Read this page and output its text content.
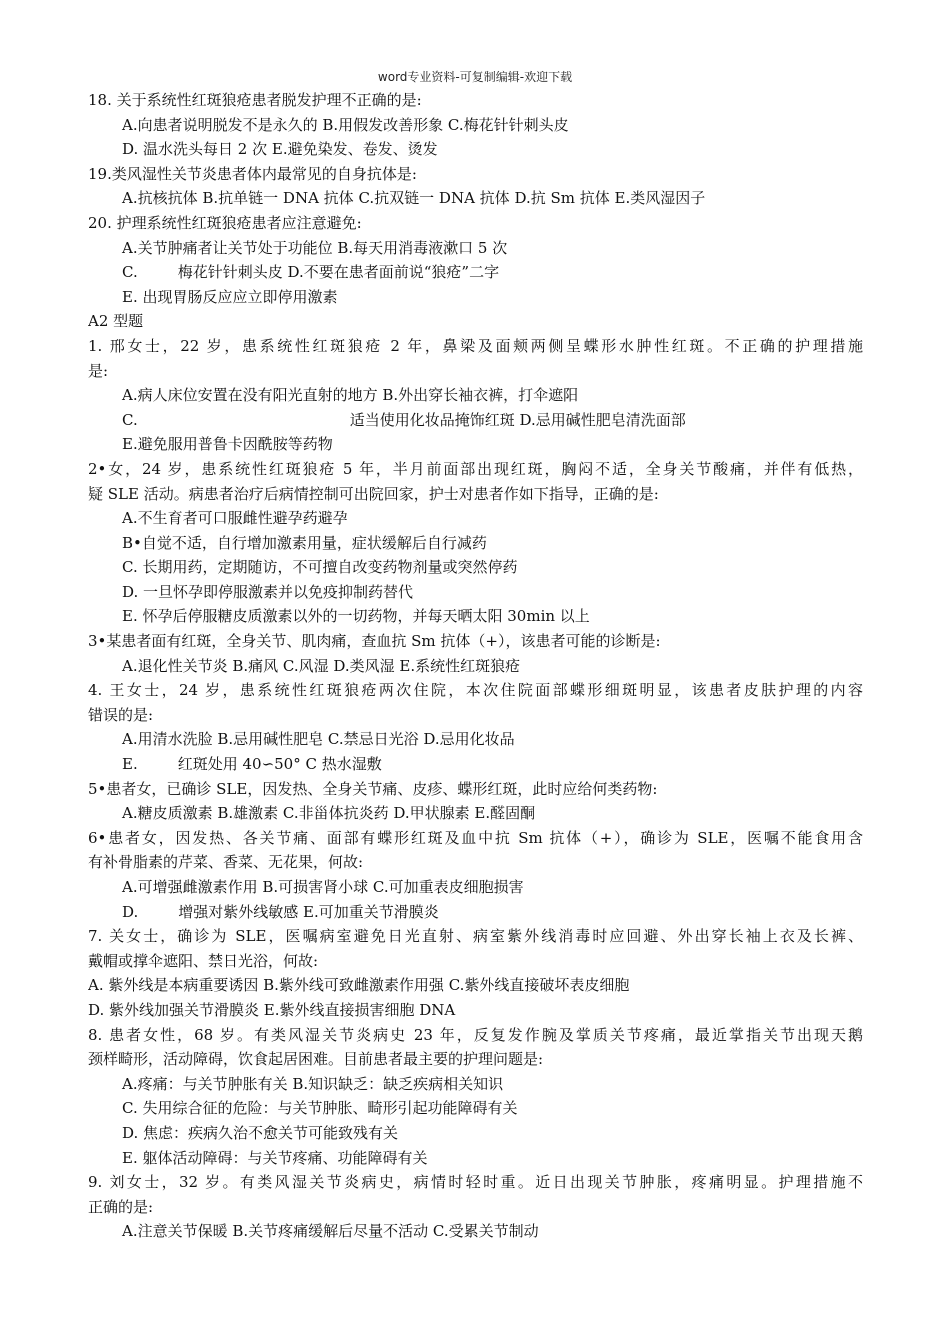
word专业资料-可复制编辑-欢迎下载
18. 关于系统性红斑狼疮患者脱发护理不正确的是:
A.向患者说明脱发不是永久的 B.用假发改善形象 C.梅花针针刺头皮
D. 温水洗头每日 2 次 E.避免染发、卷发、烫发
19.类风湿性关节炎患者体内最常见的自身抗体是:
A.抗核抗体 B.抗单链一 DNA 抗体 C.抗双链一 DNA 抗体 D.抗 Sm 抗体 E.类风湿因子
20. 护理系统性红斑狼疮患者应注意避免:
A.关节肿痛者让关节处于功能位 B.每天用消毒液漱口 5 次
C.	梅花针针刺头皮 D.不要在患者面前说“狼疮”二字
E. 出现胃肠反应应立即停用激素
A2 型题
1. 邢女士，22 岁，患系统性红斑狼疮 2 年，鼻梁及面颊两侧呈蝶形水肿性红斑。不正确的护理措施
是:
A.病人床位安置在没有阳光直射的地方 B.外出穿长袖衣裤，打伞遮阳
C.	适当使用化妆品掩饰红斑 D.忌用碱性肥皂清洗面部
E.避免服用普鲁卡因酰胺等药物
2•女，24 岁，患系统性红斑狼疮 5 年，半月前面部出现红斑，胸闷不适，全身关节酸痛，并伴有低热，
疑 SLE 活动。病患者治疗后病情控制可出院回家，护士对患者作如下指导，正确的是:
A.不生育者可口服雌性避孕药避孕
B•自觉不适，自行增加激素用量，症状缓解后自行减药
C. 长期用药，定期随访，不可擅自改变药物剂量或突然停药
D. 一旦怀孕即停服激素并以免疫抑制药替代
E. 怀孕后停服糖皮质激素以外的一切药物，并每天晒太阳 30min 以上
3•某患者面有红斑，全身关节、肌肉痛，查血抗 Sm 抗体（+），该患者可能的诊断是:
A.退化性关节炎 B.痛风 C.风湿 D.类风湿 E.系统性红斑狼疮
4. 王女士，24 岁，患系统性红斑狼疮两次住院，本次住院面部蝶形细斑明显，该患者皮肤护理的内容
错误的是:
A.用清水洗脸 B.忌用碱性肥皂 C.禁忌日光浴 D.忌用化妆品
E.	红斑处用 40∽50° C 热水湿敷
5•患者女，已确诊 SLE，因发热、全身关节痛、皮疹、蝶形红斑，此时应给何类药物:
A.糖皮质激素 B.雄激素 C.非甾体抗炎药 D.甲状腺素 E.醛固酮
6•患者女，因发热、各关节痛、面部有蝶形红斑及血中抗 Sm 抗体（+），确诊为 SLE，医嘱不能食用含
有补骨脂素的芹菜、香菜、无花果，何故:
A.可增强雌激素作用 B.可损害肾小球 C.可加重表皮细胞损害
D.	增强对紫外线敏感 E.可加重关节滑膜炎
7. 关女士，确诊为 SLE，医嘱病室避免日光直射、病室紫外线消毒时应回避、外出穿长袖上衣及长裤、
戴帽或撑伞遮阳、禁日光浴，何故:
A. 紫外线是本病重要诱因 B.紫外线可致雌激素作用强 C.紫外线直接破坏表皮细胞
D. 紫外线加强关节滑膜炎 E.紫外线直接损害细胞 DNA
8. 患者女性，68 岁。有类风湿关节炎病史 23 年，反复发作腕及掌质关节疼痛，最近掌指关节出现天鹅
颈样畸形，活动障碍，饮食起居困难。目前患者最主要的护理问题是:
A.疼痛：与关节肿胀有关 B.知识缺乏：缺乏疾病相关知识
C. 失用综合征的危险：与关节肿胀、畸形引起功能障碍有关
D. 焦虑：疾病久治不愈关节可能致残有关
E. 躯体活动障碍：与关节疼痛、功能障碍有关
9. 刘女士，32 岁。有类风湿关节炎病史，病情时轻时重。近日出现关节肿胀，疼痛明显。护理措施不
正确的是:
A.注意关节保暖 B.关节疼痛缓解后尽量不活动 C.受累关节制动
